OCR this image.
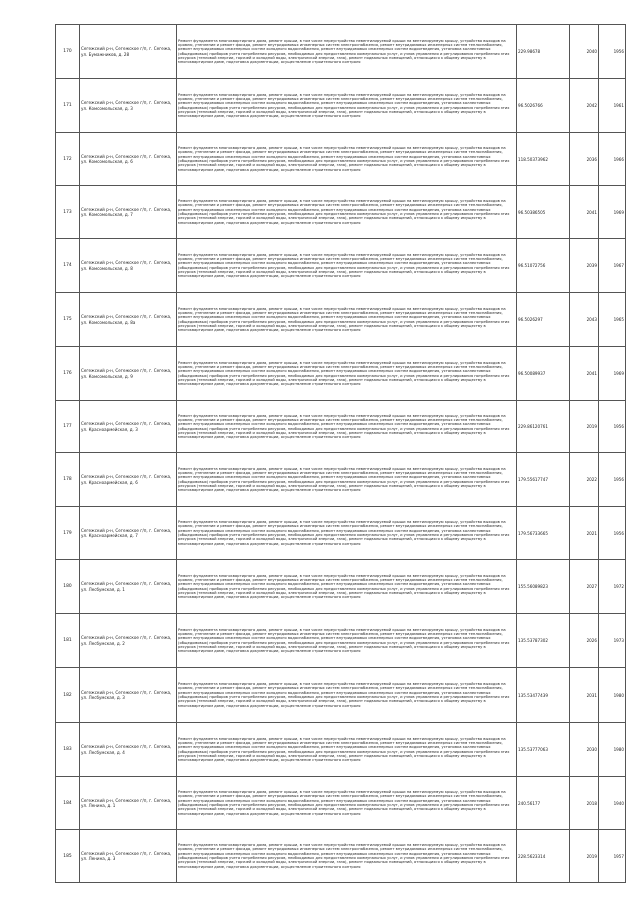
170	Сегежский р-н, Сегежское г/п, г. Сегежа, ул. Бумажников, д. 28	Ремонт фундамента многоквартирного дома, ремонт крыши, в том числе переустройство невентилируемой крыши на вентилируемую крышу, устройство выходов на кровлю, утепление и ремонт фасада, ремонт внутридомовых инженерных систем электроснабжения, ремонт внутридомовых инженерных систем теплоснабжения, ремонт внутридомовых инженерных систем холодного водоснабжения, ремонт внутридомовых инженерных систем водоотведения, установка коллективных (общедомовых) приборов учета потребления ресурсов, необходимых для предоставления коммунальных услуг, и узлов управления и регулирования потребления этих ресурсов (тепловой энергии, горячей и холодной воды, электрической энергии, газа), ремонт подвальных помещений, относящихся к общему имуществу в многоквартирном доме, подготовка документации, осуществление строительного контроля	229.98678	2040	1956
171	Сегежский р-н, Сегежское г/п, г. Сегежа, ул. Комсомольская, д. 3	Ремонт фундамента многоквартирного дома, ремонт крыши, в том числе переустройство невентилируемой крыши на вентилируемую крышу, устройство выходов на кровлю, утепление и ремонт фасада, ремонт внутридомовых инженерных систем электроснабжения, ремонт внутридомовых инженерных систем теплоснабжения, ремонт внутридомовых инженерных систем холодного водоснабжения, ремонт внутридомовых инженерных систем водоотведения, установка коллективных (общедомовых) приборов учета потребления ресурсов, необходимых для предоставления коммунальных услуг, и узлов управления и регулирования потребления этих ресурсов (тепловой энергии, горячей и холодной воды, электрической энергии, газа), ремонт подвальных помещений, относящихся к общему имуществу в многоквартирном доме, подготовка документации, осуществление строительного контроля	96.5026766	2042	1961
172	Сегежский р-н, Сегежское г/п, г. Сегежа, ул. Комсомольская, д. 6	Ремонт фундамента многоквартирного дома, ремонт крыши, в том числе переустройство невентилируемой крыши на вентилируемую крышу, устройство выходов на кровлю, утепление и ремонт фасада, ремонт внутридомовых инженерных систем электроснабжения, ремонт внутридомовых инженерных систем теплоснабжения, ремонт внутридомовых инженерных систем холодного водоснабжения, ремонт внутридомовых инженерных систем водоотведения, установка коллективных (общедомовых) приборов учета потребления ресурсов, необходимых для предоставления коммунальных услуг, и узлов управления и регулирования потребления этих ресурсов (тепловой энергии, горячей и холодной воды, электрической энергии, газа), ремонт подвальных помещений, относящихся к общему имуществу в многоквартирном доме, подготовка документации, осуществление строительного контроля	118.50373962	2036	1966
173	Сегежский р-н, Сегежское г/п, г. Сегежа, ул. Комсомольская, д. 7	Ремонт фундамента многоквартирного дома, ремонт крыши, в том числе переустройство невентилируемой крыши на вентилируемую крышу, устройство выходов на кровлю, утепление и ремонт фасада, ремонт внутридомовых инженерных систем электроснабжения, ремонт внутридомовых инженерных систем теплоснабжения, ремонт внутридомовых инженерных систем холодного водоснабжения, ремонт внутридомовых инженерных систем водоотведения, установка коллективных (общедомовых) приборов учета потребления ресурсов, необходимых для предоставления коммунальных услуг, и узлов управления и регулирования потребления этих ресурсов (тепловой энергии, горячей и холодной воды, электрической энергии, газа), ремонт подвальных помещений, относящихся к общему имуществу в многоквартирном доме, подготовка документации, осуществление строительного контроля	96.50386505	2041	1969
174	Сегежский р-н, Сегежское г/п, г. Сегежа, ул. Комсомольская, д. 8	Ремонт фундамента многоквартирного дома, ремонт крыши, в том числе переустройство невентилируемой крыши на вентилируемую крышу, устройство выходов на кровлю, утепление и ремонт фасада, ремонт внутридомовых инженерных систем электроснабжения, ремонт внутридомовых инженерных систем теплоснабжения, ремонт внутридомовых инженерных систем холодного водоснабжения, ремонт внутридомовых инженерных систем водоотведения, установка коллективных (общедомовых) приборов учета потребления ресурсов, необходимых для предоставления коммунальных услуг, и узлов управления и регулирования потребления этих ресурсов (тепловой энергии, горячей и холодной воды, электрической энергии, газа), ремонт подвальных помещений, относящихся к общему имуществу в многоквартирном доме, подготовка документации, осуществление строительного контроля	96.51072756	2039	1967
175	Сегежский р-н, Сегежское г/п, г. Сегежа, ул. Комсомольская, д. 8а	Ремонт фундамента многоквартирного дома, ремонт крыши, в том числе переустройство невентилируемой крыши на вентилируемую крышу, устройство выходов на кровлю, утепление и ремонт фасада, ремонт внутридомовых инженерных систем электроснабжения, ремонт внутридомовых инженерных систем теплоснабжения, ремонт внутридомовых инженерных систем холодного водоснабжения, ремонт внутридомовых инженерных систем водоотведения, установка коллективных (общедомовых) приборов учета потребления ресурсов, необходимых для предоставления коммунальных услуг, и узлов управления и регулирования потребления этих ресурсов (тепловой энергии, горячей и холодной воды, электрической энергии, газа), ремонт подвальных помещений, относящихся к общему имуществу в многоквартирном доме, подготовка документации, осуществление строительного контроля	96.5026297	2043	1965
176	Сегежский р-н, Сегежское г/п, г. Сегежа, ул. Комсомольская, д. 9	Ремонт фундамента многоквартирного дома, ремонт крыши, в том числе переустройство невентилируемой крыши на вентилируемую крышу, устройство выходов на кровлю, утепление и ремонт фасада, ремонт внутридомовых инженерных систем электроснабжения, ремонт внутридомовых инженерных систем теплоснабжения, ремонт внутридомовых инженерных систем холодного водоснабжения, ремонт внутридомовых инженерных систем водоотведения, установка коллективных (общедомовых) приборов учета потребления ресурсов, необходимых для предоставления коммунальных услуг, и узлов управления и регулирования потребления этих ресурсов (тепловой энергии, горячей и холодной воды, электрической энергии, газа), ремонт подвальных помещений, относящихся к общему имуществу в многоквартирном доме, подготовка документации, осуществление строительного контроля	96.50089937	2041	1969
177	Сегежский р-н, Сегежское г/п, г. Сегежа, ул. Красноармейская, д. 3	Ремонт фундамента многоквартирного дома, ремонт крыши, в том числе переустройство невентилируемой крыши на вентилируемую крышу, устройство выходов на кровлю, утепление и ремонт фасада, ремонт внутридомовых инженерных систем электроснабжения, ремонт внутридомовых инженерных систем теплоснабжения, ремонт внутридомовых инженерных систем холодного водоснабжения, ремонт внутридомовых инженерных систем водоотведения, установка коллективных (общедомовых) приборов учета потребления ресурсов, необходимых для предоставления коммунальных услуг, и узлов управления и регулирования потребления этих ресурсов (тепловой энергии, горячей и холодной воды, электрической энергии, газа), ремонт подвальных помещений, относящихся к общему имуществу в многоквартирном доме, подготовка документации, осуществление строительного контроля	229.86120761	2019	1956
178	Сегежский р-н, Сегежское г/п, г. Сегежа, ул. Красноармейская, д. 6	Ремонт фундамента многоквартирного дома, ремонт крыши, в том числе переустройство невентилируемой крыши на вентилируемую крышу, устройство выходов на кровлю, утепление и ремонт фасада, ремонт внутридомовых инженерных систем электроснабжения, ремонт внутридомовых инженерных систем теплоснабжения, ремонт внутридомовых инженерных систем холодного водоснабжения, ремонт внутридомовых инженерных систем водоотведения, установка коллективных (общедомовых) приборов учета потребления ресурсов, необходимых для предоставления коммунальных услуг, и узлов управления и регулирования потребления этих ресурсов (тепловой энергии, горячей и холодной воды, электрической энергии, газа), ремонт подвальных помещений, относящихся к общему имуществу в многоквартирном доме, подготовка документации, осуществление строительного контроля	179.55617747	2022	1956
179	Сегежский р-н, Сегежское г/п, г. Сегежа, ул. Красноармейская, д. 7	Ремонт фундамента многоквартирного дома, ремонт крыши, в том числе переустройство невентилируемой крыши на вентилируемую крышу, устройство выходов на кровлю, утепление и ремонт фасада, ремонт внутридомовых инженерных систем электроснабжения, ремонт внутридомовых инженерных систем теплоснабжения, ремонт внутридомовых инженерных систем холодного водоснабжения, ремонт внутридомовых инженерных систем водоотведения, установка коллективных (общедомовых) приборов учета потребления ресурсов, необходимых для предоставления коммунальных услуг, и узлов управления и регулирования потребления этих ресурсов (тепловой энергии, горячей и холодной воды, электрической энергии, газа), ремонт подвальных помещений, относящихся к общему имуществу в многоквартирном доме, подготовка документации, осуществление строительного контроля	179.56733665	2021	1956
180	Сегежский р-н, Сегежское г/п, г. Сегежа, ул. Лесбумская, д. 1	Ремонт фундамента многоквартирного дома, ремонт крыши, в том числе переустройство невентилируемой крыши на вентилируемую крышу, устройство выходов на кровлю, утепление и ремонт фасада, ремонт внутридомовых инженерных систем электроснабжения, ремонт внутридомовых инженерных систем теплоснабжения, ремонт внутридомовых инженерных систем холодного водоснабжения, ремонт внутридомовых инженерных систем водоотведения, установка коллективных (общедомовых) приборов учета потребления ресурсов, необходимых для предоставления коммунальных услуг, и узлов управления и регулирования потребления этих ресурсов (тепловой энергии, горячей и холодной воды, электрической энергии, газа), ремонт подвальных помещений, относящихся к общему имуществу в многоквартирном доме, подготовка документации, осуществление строительного контроля	155.56089823	2027	1972
181	Сегежский р-н, Сегежское г/п, г. Сегежа, ул. Лесбумская, д. 2	Ремонт фундамента многоквартирного дома, ремонт крыши, в том числе переустройство невентилируемой крыши на вентилируемую крышу, устройство выходов на кровлю, утепление и ремонт фасада, ремонт внутридомовых инженерных систем электроснабжения, ремонт внутридомовых инженерных систем теплоснабжения, ремонт внутридомовых инженерных систем холодного водоснабжения, ремонт внутридомовых инженерных систем водоотведения, установка коллективных (общедомовых) приборов учета потребления ресурсов, необходимых для предоставления коммунальных услуг, и узлов управления и регулирования потребления этих ресурсов (тепловой энергии, горячей и холодной воды, электрической энергии, газа), ремонт подвальных помещений, относящихся к общему имуществу в многоквартирном доме, подготовка документации, осуществление строительного контроля	135.53787302	2026	1973
182	Сегежский р-н, Сегежское г/п, г. Сегежа, ул. Лесбумская, д. 3	Ремонт фундамента многоквартирного дома, ремонт крыши, в том числе переустройство невентилируемой крыши на вентилируемую крышу, устройство выходов на кровлю, утепление и ремонт фасада, ремонт внутридомовых инженерных систем электроснабжения, ремонт внутридомовых инженерных систем теплоснабжения, ремонт внутридомовых инженерных систем холодного водоснабжения, ремонт внутридомовых инженерных систем водоотведения, установка коллективных (общедомовых) приборов учета потребления ресурсов, необходимых для предоставления коммунальных услуг, и узлов управления и регулирования потребления этих ресурсов (тепловой энергии, горячей и холодной воды, электрической энергии, газа), ремонт подвальных помещений, относящихся к общему имуществу в многоквартирном доме, подготовка документации, осуществление строительного контроля	135.53477439	2031	1980
183	Сегежский р-н, Сегежское г/п, г. Сегежа, ул. Лесбумская, д. 4	Ремонт фундамента многоквартирного дома, ремонт крыши, в том числе переустройство невентилируемой крыши на вентилируемую крышу, устройство выходов на кровлю, утепление и ремонт фасада, ремонт внутридомовых инженерных систем электроснабжения, ремонт внутридомовых инженерных систем теплоснабжения, ремонт внутридомовых инженерных систем холодного водоснабжения, ремонт внутридомовых инженерных систем водоотведения, установка коллективных (общедомовых) приборов учета потребления ресурсов, необходимых для предоставления коммунальных услуг, и узлов управления и регулирования потребления этих ресурсов (тепловой энергии, горячей и холодной воды, электрической энергии, газа), ремонт подвальных помещений, относящихся к общему имуществу в многоквартирном доме, подготовка документации, осуществление строительного контроля	135.53777063	2030	1980
184	Сегежский р-н, Сегежское г/п, г. Сегежа, ул. Ленина, д. 1	Ремонт фундамента многоквартирного дома, ремонт крыши, в том числе переустройство невентилируемой крыши на вентилируемую крышу, устройство выходов на кровлю, утепление и ремонт фасада, ремонт внутридомовых инженерных систем электроснабжения, ремонт внутридомовых инженерных систем теплоснабжения, ремонт внутридомовых инженерных систем холодного водоснабжения, ремонт внутридомовых инженерных систем водоотведения, установка коллективных (общедомовых) приборов учета потребления ресурсов, необходимых для предоставления коммунальных услуг, и узлов управления и регулирования потребления этих ресурсов (тепловой энергии, горячей и холодной воды, электрической энергии, газа), ремонт подвальных помещений, относящихся к общему имуществу в многоквартирном доме, подготовка документации, осуществление строительного контроля	240.56177	2018	1940
185	Сегежский р-н, Сегежское г/п, г. Сегежа, ул. Ленина, д. 3	Ремонт фундамента многоквартирного дома, ремонт крыши, в том числе переустройство невентилируемой крыши на вентилируемую крышу, устройство выходов на кровлю, утепление и ремонт фасада, ремонт внутридомовых инженерных систем электроснабжения, ремонт внутридомовых инженерных систем теплоснабжения, ремонт внутридомовых инженерных систем холодного водоснабжения, ремонт внутридомовых инженерных систем водоотведения, установка коллективных (общедомовых) приборов учета потребления ресурсов, необходимых для предоставления коммунальных услуг, и узлов управления и регулирования потребления этих ресурсов (тепловой энергии, горячей и холодной воды, электрической энергии, газа), ремонт подвальных помещений, относящихся к общему имуществу в многоквартирном доме, подготовка документации, осуществление строительного контроля	228.5623314	2019	1957
